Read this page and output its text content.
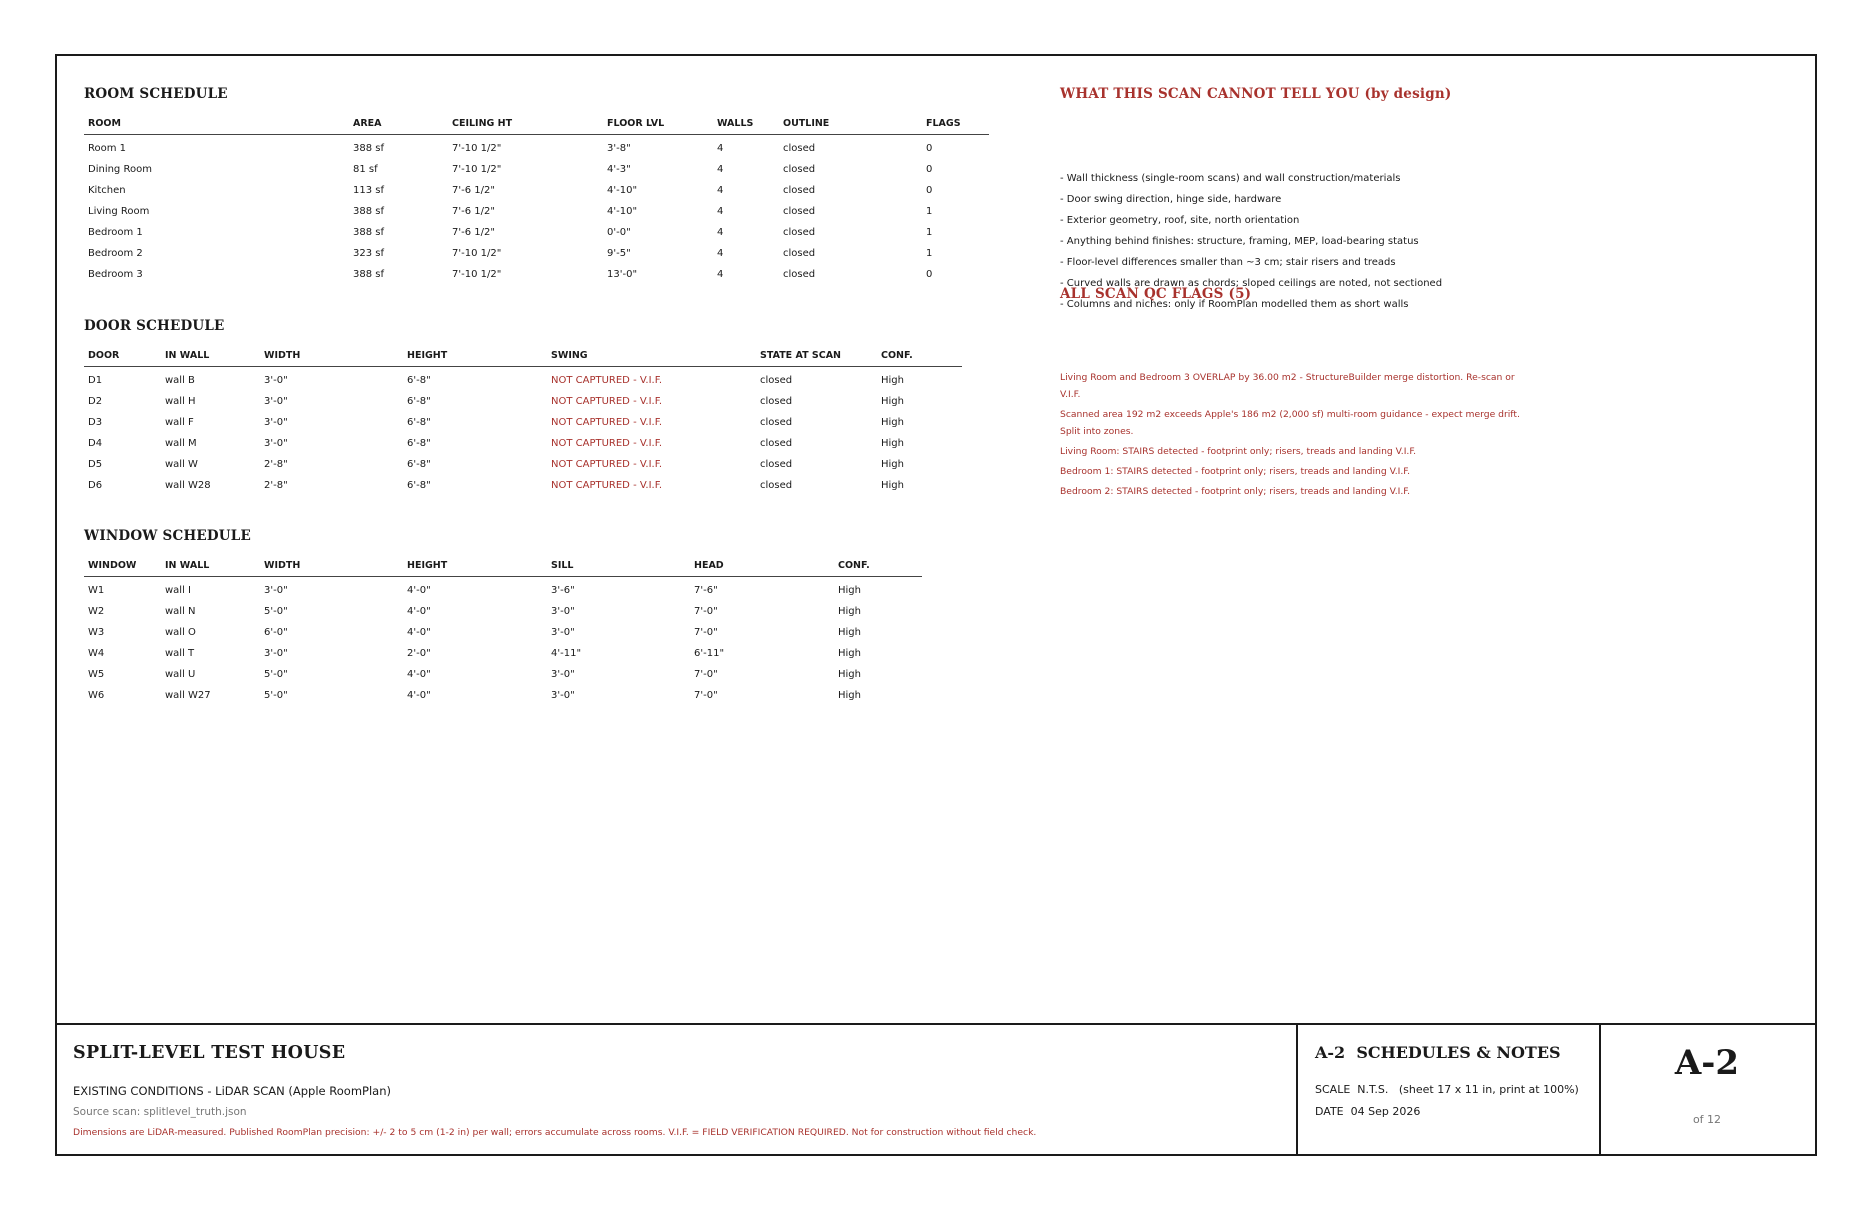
ROOM SCHEDULE
ROOM	AREA	CEILING HT	FLOOR LVL	WALLS	OUTLINE	FLAGS
Room 1	388 sf	7'-10 1/2"	3'-8"	4	closed	0
Dining Room	81 sf	7'-10 1/2"	4'-3"	4	closed	0
Kitchen	113 sf	7'-6 1/2"	4'-10"	4	closed	0
Living Room	388 sf	7'-6 1/2"	4'-10"	4	closed	1
Bedroom 1	388 sf	7'-6 1/2"	0'-0"	4	closed	1
Bedroom 2	323 sf	7'-10 1/2"	9'-5"	4	closed	1
Bedroom 3	388 sf	7'-10 1/2"	13'-0"	4	closed	0
DOOR SCHEDULE
DOOR	IN WALL	WIDTH	HEIGHT	SWING	STATE AT SCAN	CONF.
D1	wall B	3'-0"	6'-8"	NOT CAPTURED - V.I.F.	closed	High
D2	wall H	3'-0"	6'-8"	NOT CAPTURED - V.I.F.	closed	High
D3	wall F	3'-0"	6'-8"	NOT CAPTURED - V.I.F.	closed	High
D4	wall M	3'-0"	6'-8"	NOT CAPTURED - V.I.F.	closed	High
D5	wall W	2'-8"	6'-8"	NOT CAPTURED - V.I.F.	closed	High
D6	wall W28	2'-8"	6'-8"	NOT CAPTURED - V.I.F.	closed	High
WINDOW SCHEDULE
WINDOW	IN WALL	WIDTH	HEIGHT	SILL	HEAD	CONF.
W1	wall I	3'-0"	4'-0"	3'-6"	7'-6"	High
W2	wall N	5'-0"	4'-0"	3'-0"	7'-0"	High
W3	wall O	6'-0"	4'-0"	3'-0"	7'-0"	High
W4	wall T	3'-0"	2'-0"	4'-11"	6'-11"	High
W5	wall U	5'-0"	4'-0"	3'-0"	7'-0"	High
W6	wall W27	5'-0"	4'-0"	3'-0"	7'-0"	High
WHAT THIS SCAN CANNOT TELL YOU (by design)
- Wall thickness (single-room scans) and wall construction/materials
- Door swing direction, hinge side, hardware
- Exterior geometry, roof, site, north orientation
- Anything behind finishes: structure, framing, MEP, load-bearing status
- Floor-level differences smaller than ~3 cm; stair risers and treads
- Curved walls are drawn as chords; sloped ceilings are noted, not sectioned
- Columns and niches: only if RoomPlan modelled them as short walls
ALL SCAN QC FLAGS (5)
Living Room and Bedroom 3 OVERLAP by 36.00 m2 - StructureBuilder merge distortion. Re-scan or V.I.F.
Scanned area 192 m2 exceeds Apple's 186 m2 (2,000 sf) multi-room guidance - expect merge drift. Split into zones.
Living Room: STAIRS detected - footprint only; risers, treads and landing V.I.F.
Bedroom 1: STAIRS detected - footprint only; risers, treads and landing V.I.F.
Bedroom 2: STAIRS detected - footprint only; risers, treads and landing V.I.F.
SPLIT-LEVEL TEST HOUSE
EXISTING CONDITIONS - LiDAR SCAN (Apple RoomPlan)
Source scan: splitlevel_truth.json
Dimensions are LiDAR-measured. Published RoomPlan precision: +/- 2 to 5 cm (1-2 in) per wall; errors accumulate across rooms. V.I.F. = FIELD VERIFICATION REQUIRED. Not for construction without field check.
A-2  SCHEDULES & NOTES
SCALE  N.T.S.   (sheet 17 x 11 in, print at 100%)
DATE  04 Sep 2026
A-2
of 12
